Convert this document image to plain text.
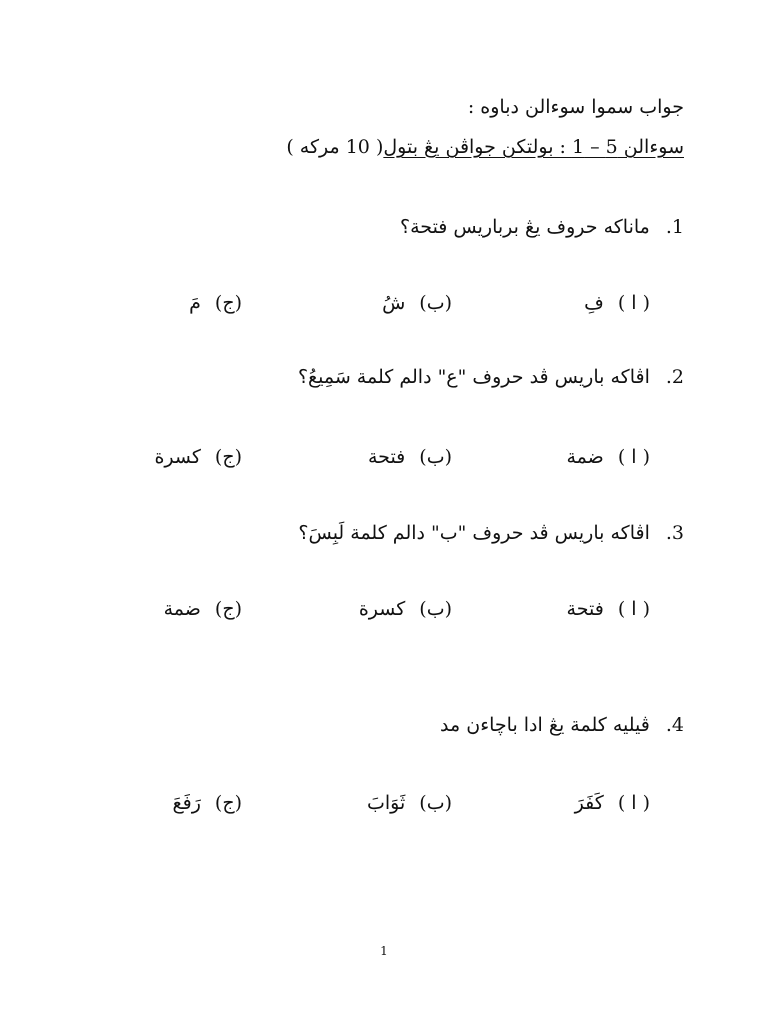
جواب سموا سوءالن دباوه :
سوءالن 5 – 1 : بولتكن جواڤن يڠ بتول( 10 مركه )
1.ماناكه حروف يڠ برباريس فتحة؟
( ا )فِ
(ب)شُ
(ج)مَ
2.اڤاكه باريس ڤد حروف "ع" دالم كلمة سَمِيعُ؟
( ا )ضمة
(ب)فتحة
(ج)كسرة
3.اڤاكه باريس ڤد حروف "ب" دالم كلمة لَبِسَ؟
( ا )فتحة
(ب)كسرة
(ج)ضمة
4.ڤيليه كلمة يڠ ادا باچاءن مد
( ا )كَفَرَ
(ب)ثَوَابَ
(ج)رَفَعَ
1
